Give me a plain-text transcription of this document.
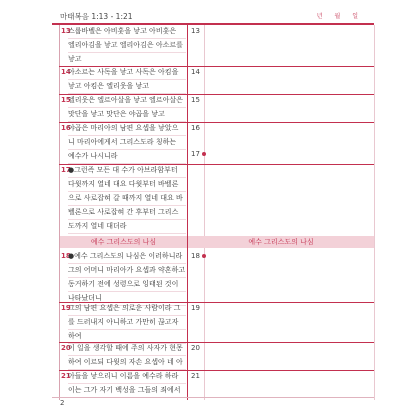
마태복음 1:13 - 1:21	년 월 일
13
스룹바벨은 아비훗을 낳고 아비훗은
엘리아김을 낳고 엘리아김은 아소르를
낳고
13
14
아소르는 사독을 낳고 사독은 아킴을
낳고 아킴은 엘리웃을 낳고
14
15
엘리웃은 엘르아살을 낳고 엘르아살은
맛단을 낳고 맛단은 야곱을 낳고
15
16
야곱은 마리아의 남편 요셉을 낳았으
니 마리아에게서 그리스도라 칭하는
예수가 나시니라
16
17
●그런즉 모든 대 수가 아브라함부터
다윗까지 열네 대요 다윗부터 바벨론
으로 사로잡혀 갈 때까지 열네 대요 바
벨론으로 사로잡혀 간 후부터 그리스
도까지 열네 대더라
17
예수 그리스도의 나심	예수 그리스도의 나심
18
●예수 그리스도의 나심은 이러하니라
그의 어머니 마리아가 요셉과 약혼하고
동거하기 전에 성령으로 잉태된 것이
나타났더니
18
19
그의 남편 요셉은 의로운 사람이라 그
를 드러내지 아니하고 가만히 끊고자
하여
19
20
이 일을 생각할 때에 주의 사자가 현몽
하여 이르되 다윗의 자손 요셉아 네 아
20
21
아들을 낳으리니 이름을 예수라 하라
이는 그가 자기 백성을 그들의 죄에서
21
2
